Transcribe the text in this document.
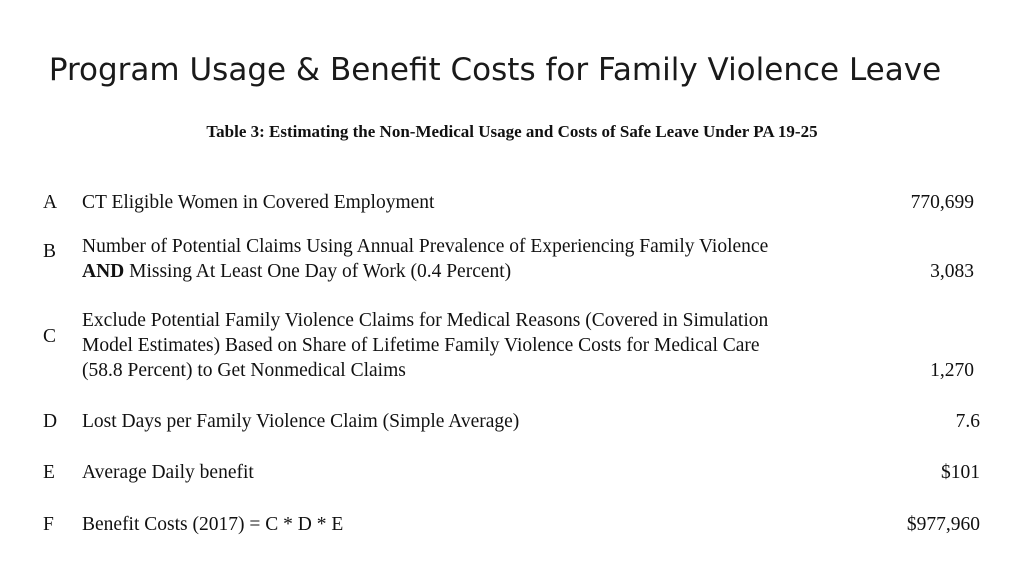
Program Usage & Benefit Costs for Family Violence Leave
Table 3: Estimating the Non-Medical Usage and Costs of Safe Leave Under PA 19-25
A CT Eligible Women in Covered Employment	770,699
B Number of Potential Claims Using Annual Prevalence of Experiencing Family Violence
AND Missing At Least One Day of Work (0.4 Percent)	3,083
C
Exclude Potential Family Violence Claims for Medical Reasons (Covered in Simulation
Model Estimates) Based on Share of Lifetime Family Violence Costs for Medical Care
(58.8 Percent) to Get Nonmedical Claims	1,270
D Lost Days per Family Violence Claim (Simple Average)	7.6
E Average Daily benefit	$101
F Benefit Costs (2017) = C * D * E	$977,960
